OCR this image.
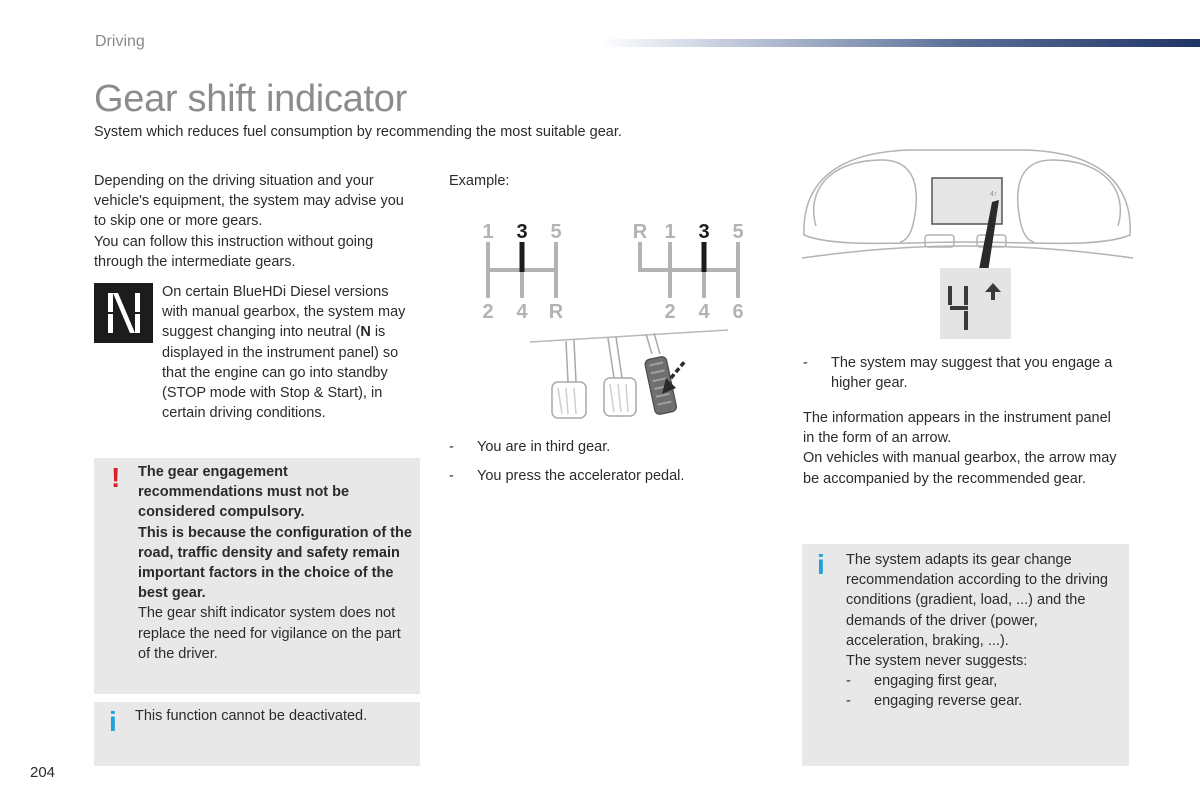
Driving
Gear shift indicator
System which reduces fuel consumption by recommending the most suitable gear.

Depending on the driving situation and your vehicle's equipment, the system may advise you to skip one or more gears.

You can follow this instruction without going through the intermediate gears.

On certain BlueHDi Diesel versions with manual gearbox, the system may suggest changing into neutral (N is displayed in the instrument panel) so that the engine can go into standby (STOP mode with Stop & Start), in certain driving conditions.
! The gear engagement recommendations must not be considered compulsory.

This is because the configuration of the road, traffic density and safety remain important factors in the choice of the best gear.

The gear shift indicator system does not replace the need for vigilance on the part of the driver.

i This function cannot be deactivated.
Example:
1 3 5
2 4 R
R 1 3 5
2 4 6
- You are in third gear.
- You press the accelerator pedal.
4↑
- The system may suggest that you engage a higher gear.

The information appears in the instrument panel in the form of an arrow.

On vehicles with manual gearbox, the arrow may be accompanied by the recommended gear.

i The system adapts its gear change recommendation according to the driving conditions (gradient, load, ...) and the demands of the driver (power, acceleration, braking, ...).

The system never suggests:

- engaging first gear,
- engaging reverse gear.
204
